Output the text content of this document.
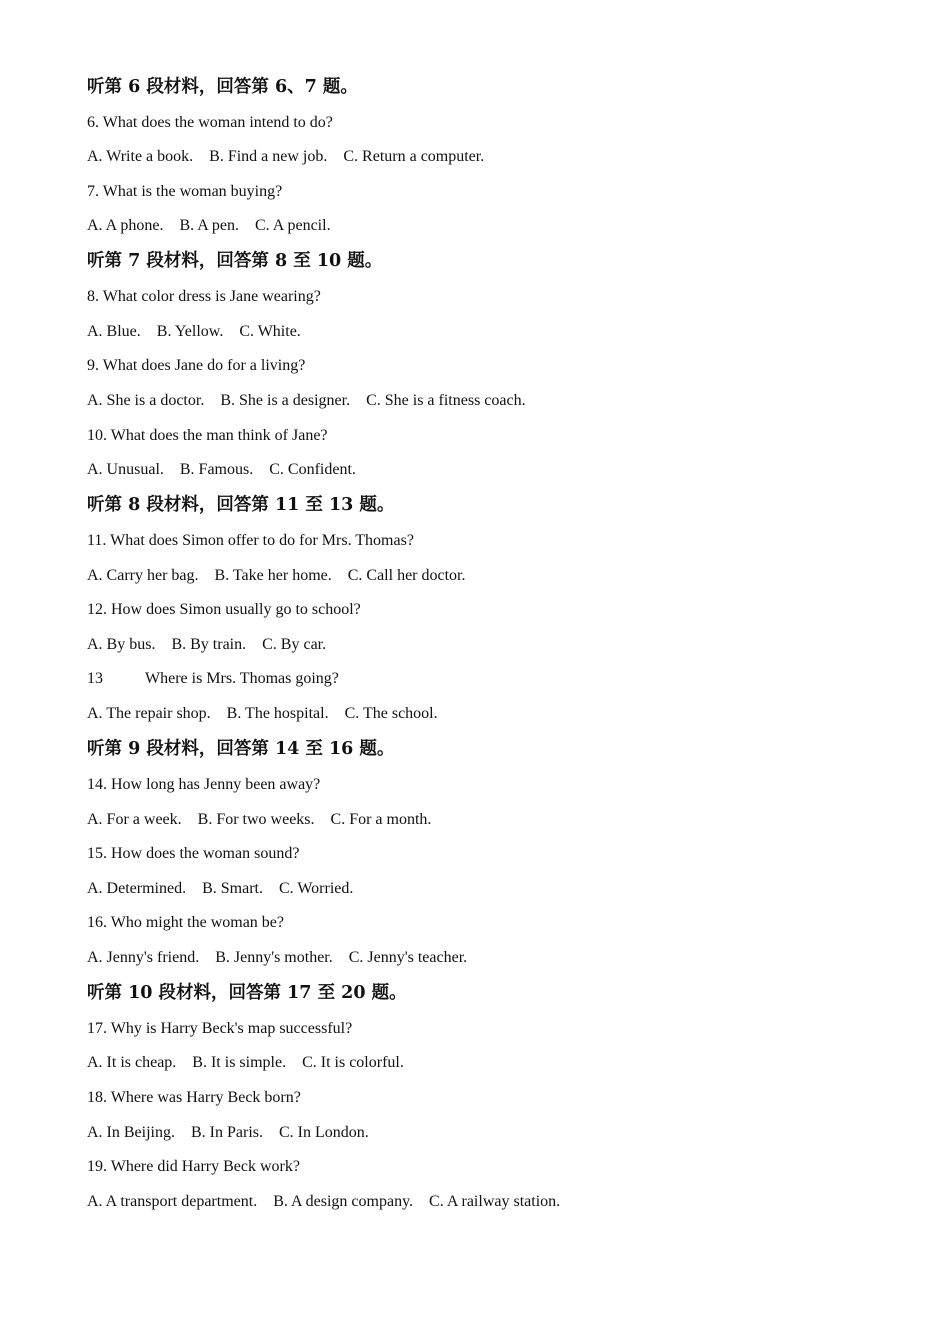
听第 6 段材料，回答第 6、7 题。
6. What does the woman intend to do?
A. Write a book.    B. Find a new job.    C. Return a computer.
7. What is the woman buying?
A. A phone.    B. A pen.    C. A pencil.
听第 7 段材料，回答第 8 至 10 题。
8. What color dress is Jane wearing?
A. Blue.    B. Yellow.    C. White.
9. What does Jane do for a living?
A. She is a doctor.    B. She is a designer.    C. She is a fitness coach.
10. What does the man think of Jane?
A. Unusual.    B. Famous.    C. Confident.
听第 8 段材料，回答第 11 至 13 题。
11. What does Simon offer to do for Mrs. Thomas?
A. Carry her bag.    B. Take her home.    C. Call her doctor.
12. How does Simon usually go to school?
A. By bus.    B. By train.    C. By car.
13	Where is Mrs. Thomas going?
A. The repair shop.    B. The hospital.    C. The school.
听第 9 段材料，回答第 14 至 16 题。
14. How long has Jenny been away?
A. For a week.    B. For two weeks.    C. For a month.
15. How does the woman sound?
A. Determined.    B. Smart.    C. Worried.
16. Who might the woman be?
A. Jenny's friend.    B. Jenny's mother.    C. Jenny's teacher.
听第 10 段材料，回答第 17 至 20 题。
17. Why is Harry Beck's map successful?
A. It is cheap.    B. It is simple.    C. It is colorful.
18. Where was Harry Beck born?
A. In Beijing.    B. In Paris.    C. In London.
19. Where did Harry Beck work?
A. A transport department.    B. A design company.    C. A railway station.
